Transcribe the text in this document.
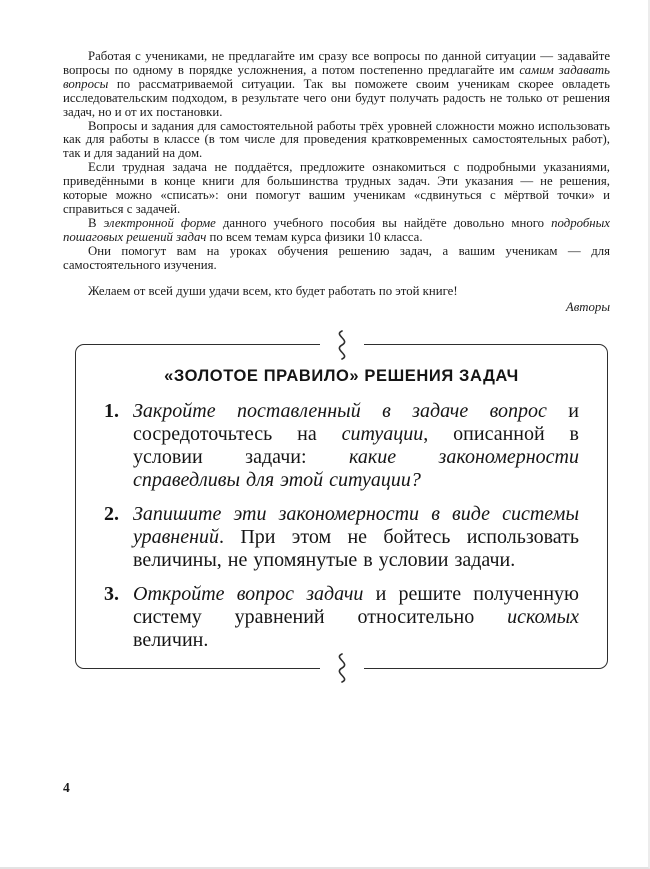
Работая с учениками, не предлагайте им сразу все вопросы по данной ситуации — задавайте вопросы по одному в порядке усложнения, а потом постепенно предлагайте им самим задавать вопросы по рассматриваемой ситуации. Так вы поможете своим ученикам скорее овладеть исследовательским подходом, в результате чего они будут получать радость не только от решения задач, но и от их постановки.

Вопросы и задания для самостоятельной работы трёх уровней сложности можно использовать как для работы в классе (в том числе для проведения кратковременных самостоятельных работ), так и для заданий на дом.

Если трудная задача не поддаётся, предложите ознакомиться с подробными указаниями, приведёнными в конце книги для большинства трудных задач. Эти указания — не решения, которые можно «списать»: они помогут вашим ученикам «сдвинуться с мёртвой точки» и справиться с задачей.

В электронной форме данного учебного пособия вы найдёте довольно много подробных пошаговых решений задач по всем темам курса физики 10 класса.

Они помогут вам на уроках обучения решению задач, а вашим ученикам — для самостоятельного изучения.

Желаем от всей души удачи всем, кто будет работать по этой книге!

Авторы

«ЗОЛОТОЕ ПРАВИЛО» РЕШЕНИЯ ЗАДАЧ
1. Закройте поставленный в задаче вопрос и сосредоточьтесь на ситуации, описанной в условии задачи: какие закономерности справедливы для этой ситуации?
2. Запишите эти закономерности в виде системы уравнений. При этом не бойтесь использовать величины, не упомянутые в условии задачи.
3. Откройте вопрос задачи и решите полученную систему уравнений относительно искомых величин.
4
